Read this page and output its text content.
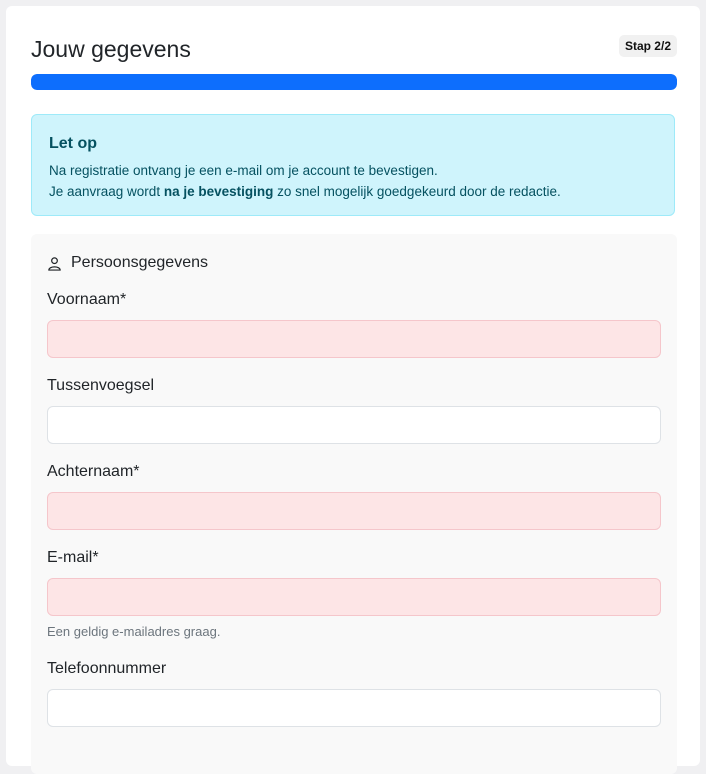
Jouw gegevens	Stap 2/2
Let op
Na registratie ontvang je een e-mail om je account te bevestigen.
Je aanvraag wordt na je bevestiging zo snel mogelijk goedgekeurd door de redactie.
Persoonsgegevens
Voornaam*
Tussenvoegsel
Achternaam*
E-mail*
Een geldig e-mailadres graag.
Telefoonnummer
